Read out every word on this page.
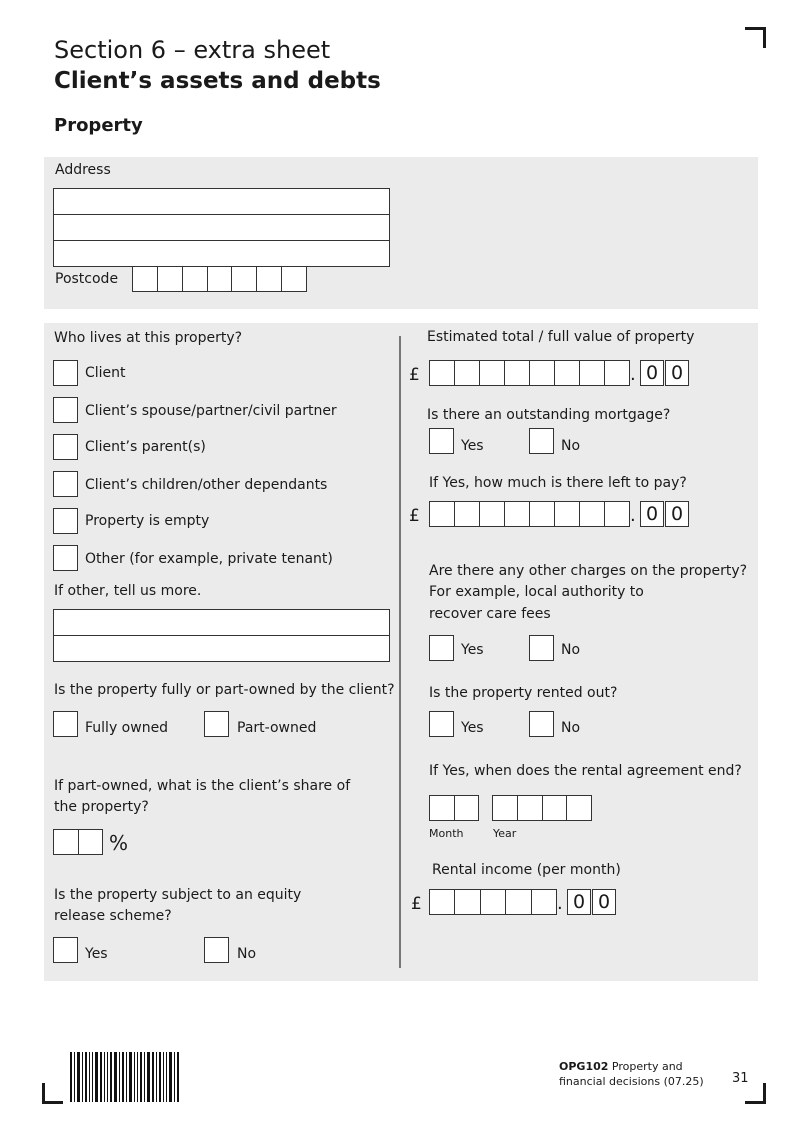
Section 6 – extra sheet
Client’s assets and debts
Property
Address
Postcode
Who lives at this property?
Client
Client’s spouse/partner/civil partner
Client’s parent(s)
Client’s children/other dependants
Property is empty
Other (for example, private tenant)
If other, tell us more.
Is the property fully or part-owned by the client?
Fully owned	Part-owned
If part-owned, what is the client’s share of
the property?
%
Is the property subject to an equity
release scheme?
Yes	No
Estimated total / full value of property
£	. 0 0
Is there an outstanding mortgage?
Yes	No
If Yes, how much is there left to pay?
£	. 0 0
Are there any other charges on the property?
For example, local authority to
recover care fees
Yes	No
Is the property rented out?
Yes	No
If Yes, when does the rental agreement end?
Month	Year
Rental income (per month)
£	. 0 0
OPG102 Property and
financial decisions (07.25) 31
